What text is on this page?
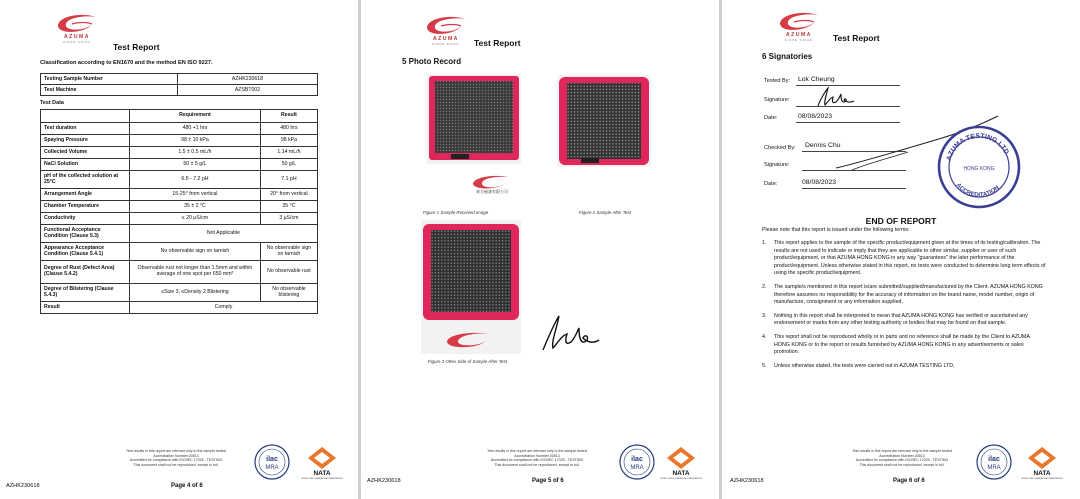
AZUMA
HONG KONG	Test Report
Classification according to EN1670 and the method EN ISO 9227.
Testing Sample Number	AZHK230618
Test Machine	AZSBT002
Test Data
	Requirement	Result
Test duration	480 +1 hrs	480 hrs
Spaying Pressure	98 ± 10 kPa	98 kPa
Collected Volume	1.5 ± 0.5 mL/h	1.14 mL/h
NaCl Solution	50 ± 5 g/L	50 g/L
pH of the collected solution at 25°C	6.5 - 7.2 pH	7.1 pH
Arrangement Angle	15-25° from vertical	20° from vertical
Chamber Temperature	35 ± 2 °C	35 °C
Conductivity	≤ 20 μS/cm	3 μS/cm
Functional Acceptance Condition (Clause 5.3)	Not Applicable	
Appearance Acceptance Condition (Clause 5.4.1)	No observable sign on tarnish	No observable sign on tarnish
Degree of Rust (Defect Area) (Clause 5.4.2)	Observable rust not longer than 1.5mm and within average of one spot per 650 mm²	No observable rust
Degree of Blistering (Clause 5.4.3)	≤Size 3, ≤Density 2 Blistering	No observable blistering
Result	Comply	
Test results in this report are relevant only to the sample tested
Accreditation Number:20513
Accredited for compliance with ISO/IEC 17025 - TESTING
This document shall not be reproduced, except in full.
ilac
MRA
NATA
WORLD RECOGNISED ACCREDITATION
AZHK230618	Page 4 of 6
AZUMA
HONG KONG	Test Report
5 Photo Record
Figure 1 Sample Received Image	Figure 2 Sample After Test
東方檢測有限公司
Figure 3 Other Side of Sample After Test
Test results in this report are relevant only to the sample tested
Accreditation Number:20513
Accredited for compliance with ISO/IEC 17025 - TESTING
This document shall not be reproduced, except in full.
ilac
MRA
NATA
WORLD RECOGNISED ACCREDITATION
AZHK230618	Page 5 of 6
AZUMA
HONG KONG	Test Report
6 Signatories
Tested By: Lok Cheung
Signature:
Date:	08/08/2023
Checked By: Dennis Chu
Signature:
Date:	08/08/2023
AZUMA TESTING LTD
ACCREDITATION
HONG KONG
END OF REPORT
Please note that this report is issued under the following terms:
1. This report applies to the sample of the specific product/equipment given at the times of its testing/calibration. The results are not used to indicate or imply that they are applicable to other similar, supplier or user of such product/equipment, or that AZUMA HONG KONG in any way "guarantees" the later performance of the product/equipment. Unless otherwise stated in this report, no tests were conducted to determine long term effects of using the specific product/equipment.
2. The sample/s mentioned in this report is/are submitted/supplied/manufactured by the Client. AZUMA HONG KONG therefore assumes no responsibility for the accuracy of information on the brand name, model number, origin of manufacture, consignment or any information supplied.
3. Nothing in this report shall be interpreted to mean that AZUMA HONG KONG has verified or ascertained any endorsement or marks from any other testing authority or bodies that may be found on that sample.
4. This report shall not be reproduced wholly or in parts and no reference shall be made by the Client to AZUMA HONG KONG or to the report or results furnished by AZUMA HONG KONG in any advertisements or sales promotion.
5. Unless otherwise stated, the tests were carried out in AZUMA TESTING LTD,
Test results in this report are relevant only to the sample tested
Accreditation Number:20513
Accredited for compliance with ISO/IEC 17025 - TESTING
This document shall not be reproduced, except in full.
ilac
MRA
NATA
WORLD RECOGNISED ACCREDITATION
AZHK230618	Page 6 of 6
